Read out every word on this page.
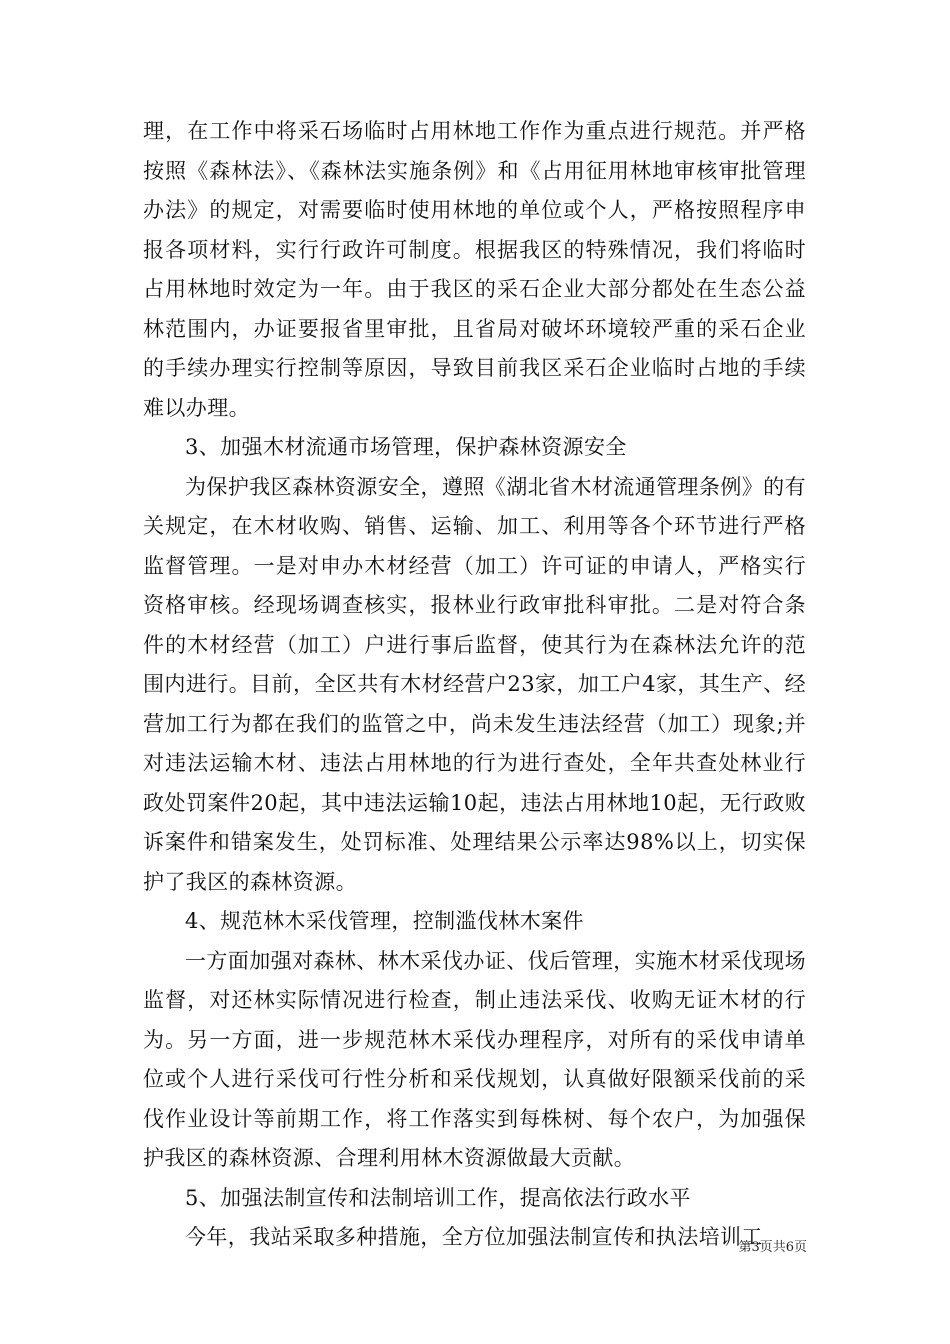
理，在工作中将采石场临时占用林地工作作为重点进行规范。并严格按照《森林法》、《森林法实施条例》和《占用征用林地审核审批管理办法》的规定，对需要临时使用林地的单位或个人，严格按照程序申报各项材料，实行行政许可制度。根据我区的特殊情况，我们将临时占用林地时效定为一年。由于我区的采石企业大部分都处在生态公益林范围内，办证要报省里审批，且省局对破坏环境较严重的采石企业的手续办理实行控制等原因，导致目前我区采石企业临时占地的手续难以办理。

3、加强木材流通市场管理，保护森林资源安全

为保护我区森林资源安全，遵照《湖北省木材流通管理条例》的有关规定，在木材收购、销售、运输、加工、利用等各个环节进行严格监督管理。一是对申办木材经营（加工）许可证的申请人，严格实行资格审核。经现场调查核实，报林业行政审批科审批。二是对符合条件的木材经营（加工）户进行事后监督，使其行为在森林法允许的范围内进行。目前，全区共有木材经营户23家，加工户4家，其生产、经营加工行为都在我们的监管之中，尚未发生违法经营（加工）现象;并对违法运输木材、违法占用林地的行为进行查处，全年共查处林业行政处罚案件20起，其中违法运输10起，违法占用林地10起，无行政败诉案件和错案发生，处罚标准、处理结果公示率达98%以上，切实保护了我区的森林资源。

4、规范林木采伐管理，控制滥伐林木案件

一方面加强对森林、林木采伐办证、伐后管理，实施木材采伐现场监督，对还林实际情况进行检查，制止违法采伐、收购无证木材的行为。另一方面，进一步规范林木采伐办理程序，对所有的采伐申请单位或个人进行采伐可行性分析和采伐规划，认真做好限额采伐前的采伐作业设计等前期工作，将工作落实到每株树、每个农户，为加强保护我区的森林资源、合理利用林木资源做最大贡献。

5、加强法制宣传和法制培训工作，提高依法行政水平

今年，我站采取多种措施，全方位加强法制宣传和执法培训工

第3页共6页
